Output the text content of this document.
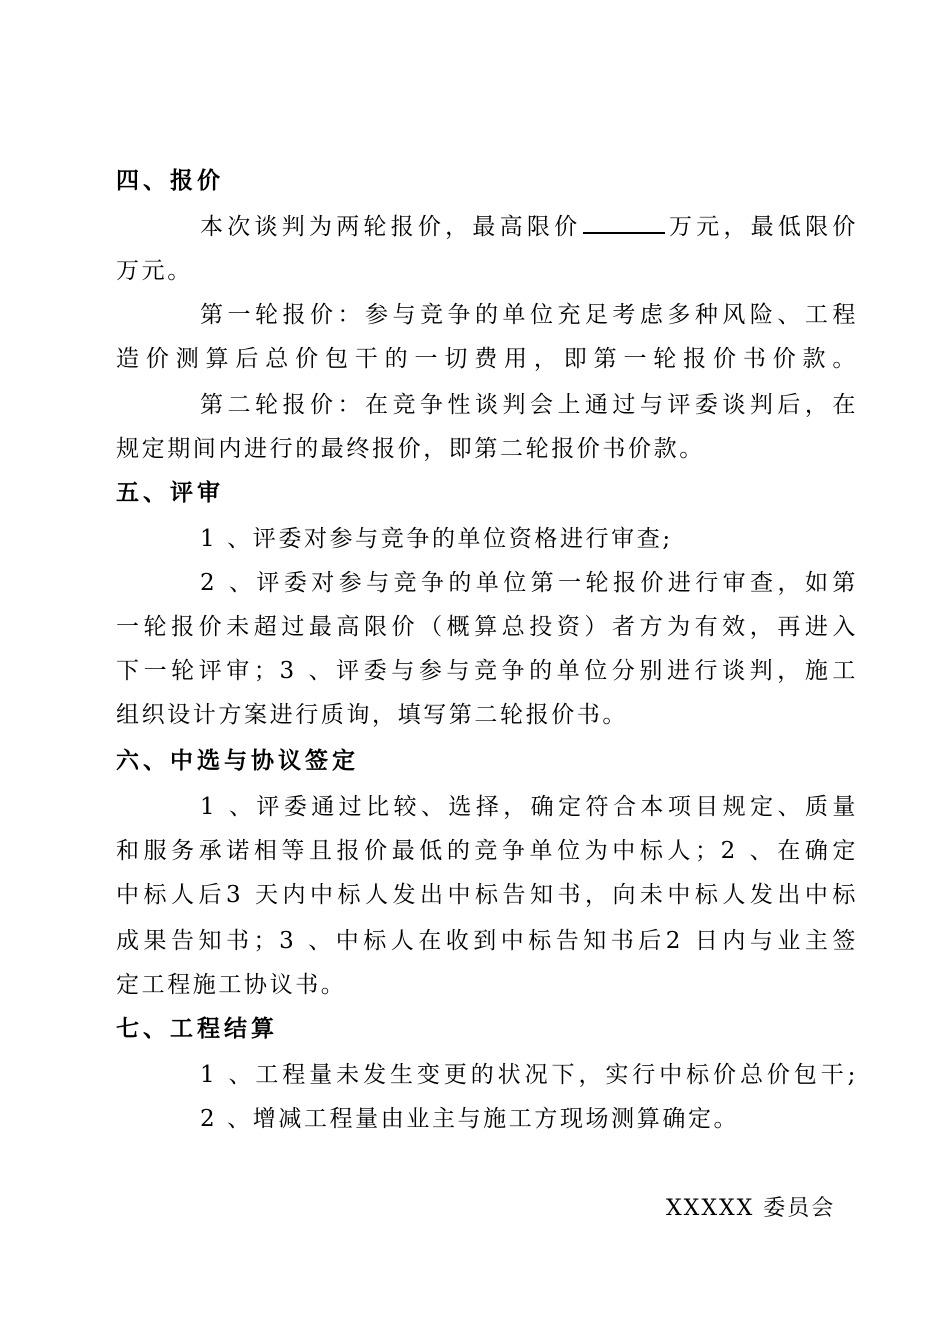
四、报价
本次谈判为两轮报价，最高限价	万元，最低限价
万元。
第一轮报价：参与竞争的单位充足考虑多种风险、工程
造价测算后总价包干的一切费用，即第一轮报价书价款。
第二轮报价：在竞争性谈判会上通过与评委谈判后，在
规定期间内进行的最终报价，即第二轮报价书价款。
五、评审
1 、评委对参与竞争的单位资格进行审查;
2 、评委对参与竞争的单位第一轮报价进行审查，如第
一轮报价未超过最高限价（概算总投资）者方为有效，再进入
下一轮评审；3 、评委与参与竞争的单位分别进行谈判，施工
组织设计方案进行质询，填写第二轮报价书。
六、中选与协议签定
1 、评委通过比较、选择，确定符合本项目规定、质量
和服务承诺相等且报价最低的竞争单位为中标人；2 、在确定
中标人后3 天内中标人发出中标告知书，向未中标人发出中标
成果告知书；3 、中标人在收到中标告知书后2 日内与业主签
定工程施工协议书。
七、工程结算
1 、工程量未发生变更的状况下，实行中标价总价包干;
2 、增减工程量由业主与施工方现场测算确定。
XXXXX 委员会
